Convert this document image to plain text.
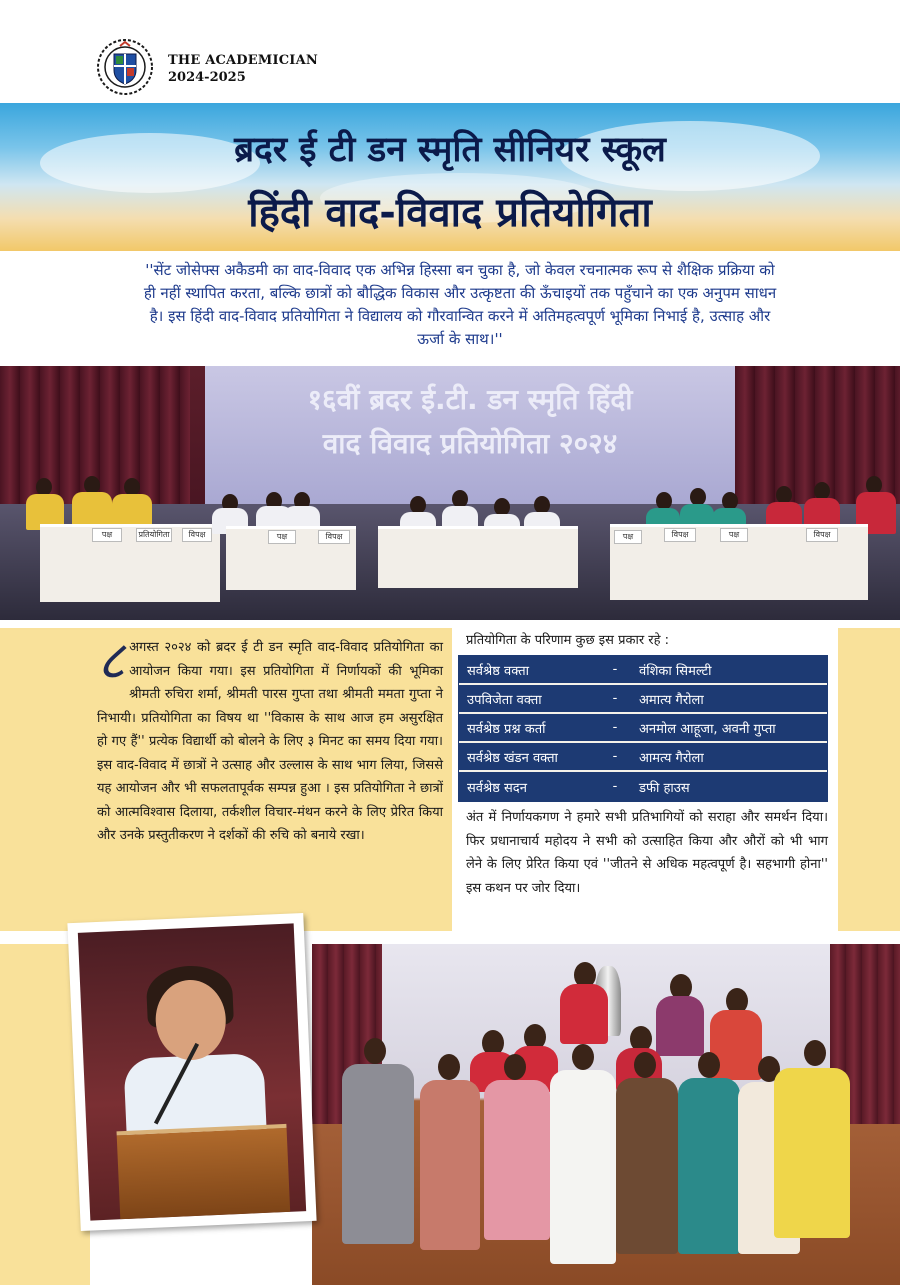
THE ACADEMICIAN
2024-2025
ब्रदर ई टी डन स्मृति सीनियर स्कूल
हिंदी वाद-विवाद प्रतियोगिता
''सेंट जोसेफ्स अकैडमी का वाद-विवाद एक अभिन्न हिस्सा बन चुका है, जो केवल रचनात्मक रूप से शैक्षिक प्रक्रिया को ही नहीं स्थापित करता, बल्कि छात्रों को बौद्धिक विकास और उत्कृष्टता की ऊँचाइयों तक पहुँचाने का एक अनुपम साधन है। इस हिंदी वाद-विवाद प्रतियोगिता ने विद्यालय को गौरवान्वित करने में अतिमहत्वपूर्ण भूमिका निभाई है, उत्साह और ऊर्जा के साथ।''
१६वीं ब्रदर ई.टी. डन स्मृति हिंदी
वाद विवाद प्रतियोगिता २०२४
पक्ष	प्रतियोगिता	विपक्ष	पक्ष	विपक्ष	पक्ष	विपक्ष	पक्ष	विपक्ष
८ अगस्त २०२४ को ब्रदर ई टी डन स्मृति वाद-विवाद प्रतियोगिता का आयोजन किया गया। इस प्रतियोगिता में निर्णायकों की भूमिका श्रीमती रुचिरा शर्मा, श्रीमती पारस गुप्ता तथा श्रीमती ममता गुप्ता ने निभायी। प्रतियोगिता का विषय था ''विकास के साथ आज हम असुरक्षित हो गए हैं'' प्रत्येक विद्यार्थी को बोलने के लिए ३ मिनट का समय दिया गया। इस वाद-विवाद में छात्रों ने उत्साह और उल्लास के साथ भाग लिया, जिससे यह आयोजन और भी सफलतापूर्वक सम्पन्न हुआ । इस प्रतियोगिता ने छात्रों को आत्मविश्वास दिलाया, तर्कशील विचार-मंथन करने के लिए प्रेरित किया और उनके प्रस्तुतीकरण ने दर्शकों की रुचि को बनाये रखा।
प्रतियोगिता के परिणाम कुछ इस प्रकार रहे :
सर्वश्रेष्ठ वक्ता	-	वंशिका सिमल्टी
उपविजेता वक्ता	-	अमात्य गैरोला
सर्वश्रेष्ठ प्रश्न कर्ता	-	अनमोल आहूजा, अवनी गुप्ता
सर्वश्रेष्ठ खंडन वक्ता	-	आमत्य गैरोला
सर्वश्रेष्ठ सदन	-	डफी हाउस
अंत में निर्णायकगण ने हमारे सभी प्रतिभागियों को सराहा और समर्थन दिया। फिर प्रधानाचार्य महोदय ने सभी को उत्साहित किया और औरों को भी भाग लेने के लिए प्रेरित किया एवं ''जीतने से अधिक महत्वपूर्ण है। सहभागी होना'' इस कथन पर जोर दिया।
